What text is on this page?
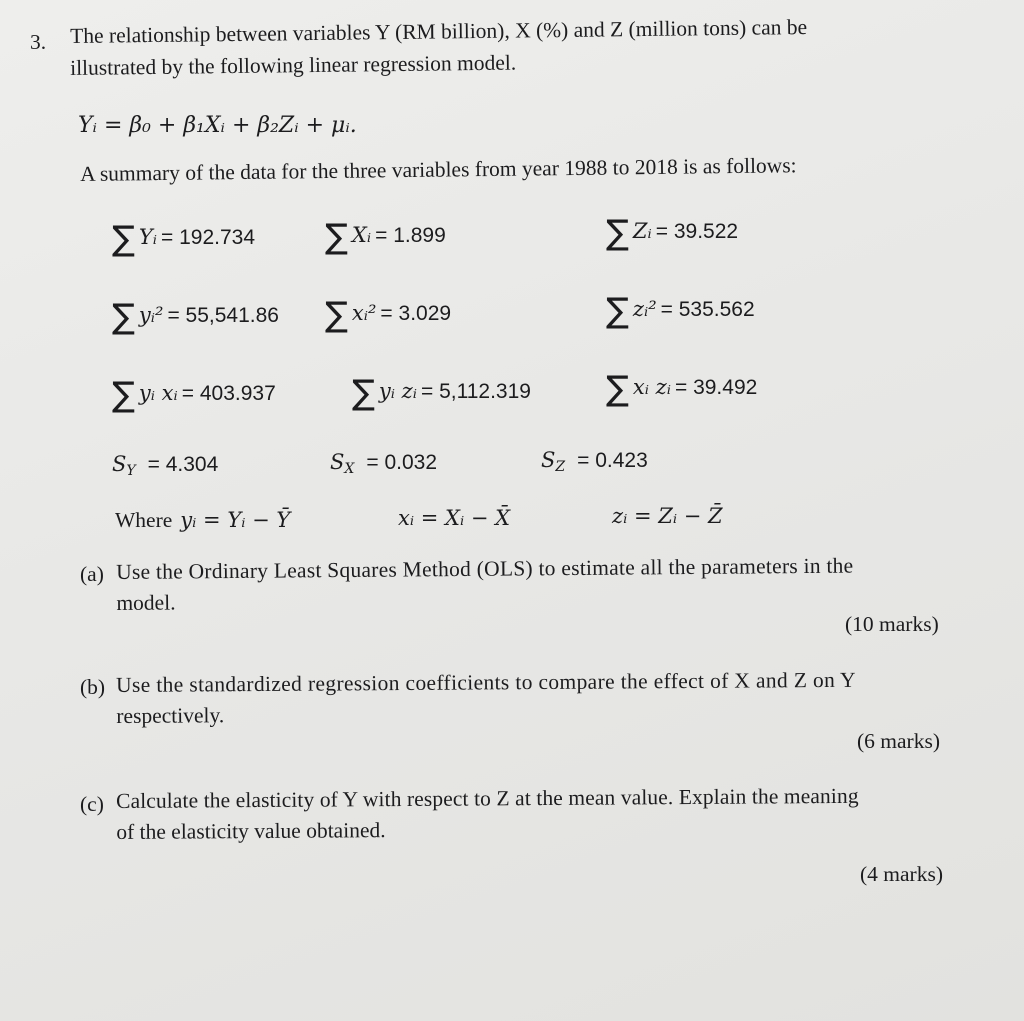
3. The relationship between variables Y (RM billion), X (%) and Z (million tons) can be
illustrated by the following linear regression model.
Yᵢ = β₀ + β₁Xᵢ + β₂Zᵢ + μᵢ.
A summary of the data for the three variables from year 1988 to 2018 is as follows:
∑ Yᵢ = 192.734 ∑ Xᵢ = 1.899	∑ Zᵢ = 39.522
∑ yᵢ² = 55,541.86 ∑ xᵢ² = 3.029	∑ zᵢ² = 535.562
∑ yᵢ xᵢ = 403.937 ∑ yᵢ zᵢ = 5,112.319 ∑ xᵢ zᵢ = 39.492
$S_Y = 4.304$	$S_X = 0.032$	$S_Z = 0.423$
Where yᵢ = Yᵢ − Ȳ	xᵢ = Xᵢ − X̄	zᵢ = Zᵢ − Z̄
(a) Use the Ordinary Least Squares Method (OLS) to estimate all the parameters in the
model.
(10 marks)
(b) Use the standardized regression coefficients to compare the effect of X and Z on Y
respectively.
(6 marks)
(c) Calculate the elasticity of Y with respect to Z at the mean value. Explain the meaning
of the elasticity value obtained.
(4 marks)
